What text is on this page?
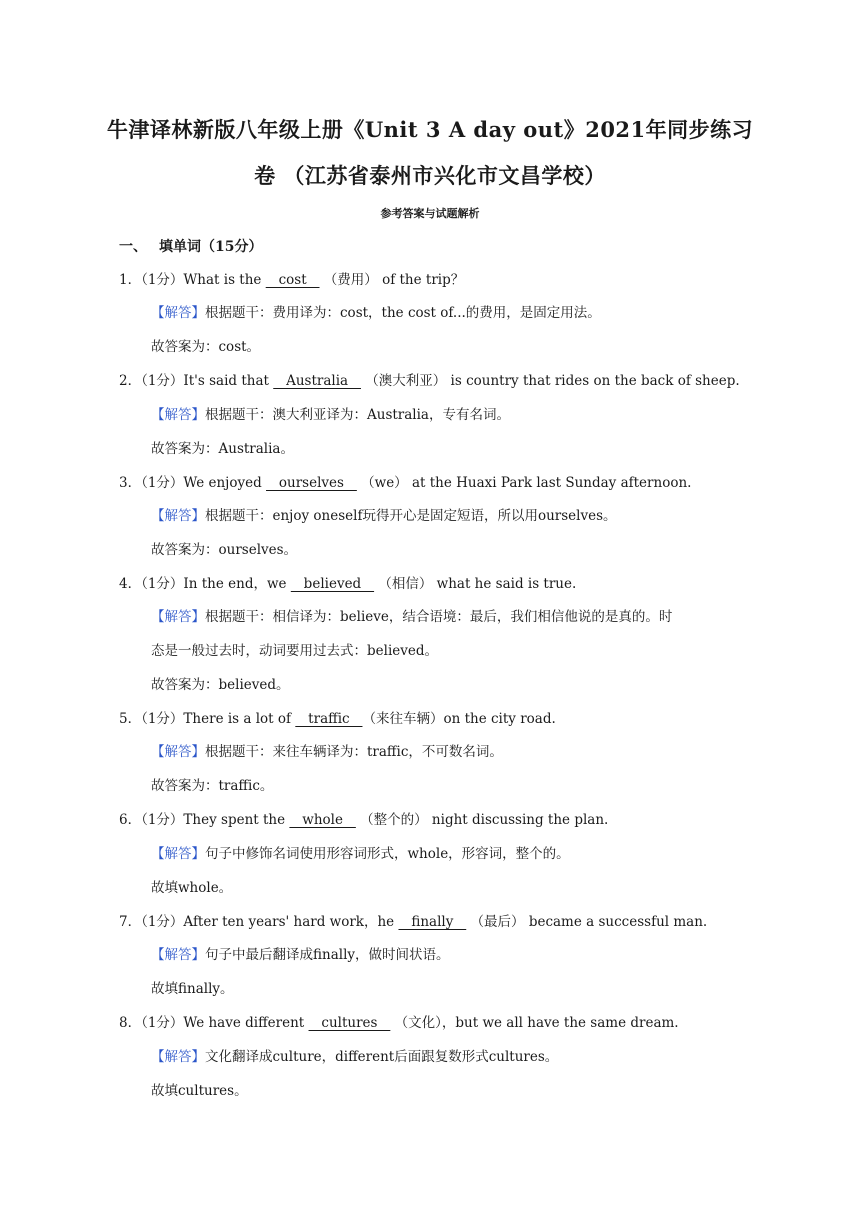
牛津译林新版八年级上册《Unit 3 A day out》2021年同步练习
卷 （江苏省泰州市兴化市文昌学校）
参考答案与试题解析
一、 填单词（15分）
1．（1分）What is the    cost    （费用） of the trip？
【解答】根据题干：费用译为：cost，the cost of...的费用，是固定用法。
故答案为：cost。
2．（1分）It's said that    Australia    （澳大利亚） is country that rides on the back of sheep.
【解答】根据题干：澳大利亚译为：Australia，专有名词。
故答案为：Australia。
3．（1分）We enjoyed    ourselves    （we） at the Huaxi Park last Sunday afternoon.
【解答】根据题干：enjoy oneself玩得开心是固定短语，所以用ourselves。
故答案为：ourselves。
4．（1分）In the end，we    believed    （相信） what he said is true.
【解答】根据题干：相信译为：believe，结合语境：最后，我们相信他说的是真的。时
态是一般过去时，动词要用过去式：believed。
故答案为：believed。
5．（1分）There is a lot of    traffic   （来往车辆）on the city road.
【解答】根据题干：来往车辆译为：traffic，不可数名词。
故答案为：traffic。
6．（1分）They spent the    whole    （整个的） night discussing the plan.
【解答】句子中修饰名词使用形容词形式，whole，形容词，整个的。
故填whole。
7．（1分）After ten years' hard work，he    finally    （最后） became a successful man.
【解答】句子中最后翻译成finally，做时间状语。
故填finally。
8．（1分）We have different    cultures    （文化），but we all have the same dream.
【解答】文化翻译成culture，different后面跟复数形式cultures。
故填cultures。
